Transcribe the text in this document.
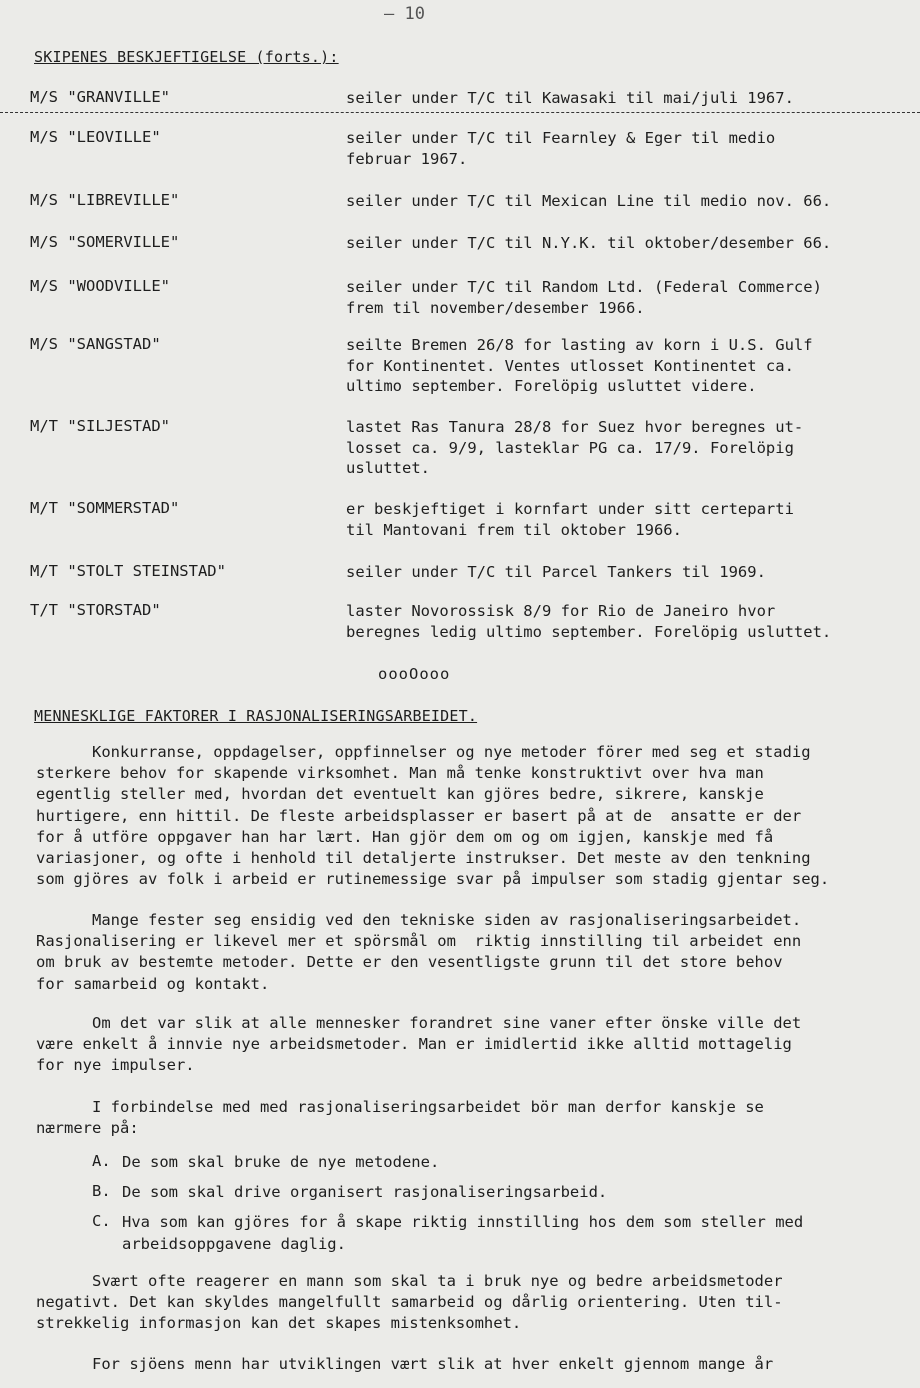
– 10
SKIPENES BESKJEFTIGELSE (forts.):
M/S "GRANVILLE"	seiler under T/C til Kawasaki til mai/juli 1967.
M/S "LEOVILLE"	seiler under T/C til Fearnley & Eger til medio
februar 1967.
M/S "LIBREVILLE"	seiler under T/C til Mexican Line til medio nov. 66.
M/S "SOMERVILLE"	seiler under T/C til N.Y.K. til oktober/desember 66.
M/S "WOODVILLE"	seiler under T/C til Random Ltd. (Federal Commerce)
frem til november/desember 1966.
M/S "SANGSTAD"	seilte Bremen 26/8 for lasting av korn i U.S. Gulf
for Kontinentet. Ventes utlosset Kontinentet ca.
ultimo september. Forelöpig usluttet videre.
M/T "SILJESTAD"	lastet Ras Tanura 28/8 for Suez hvor beregnes ut-
losset ca. 9/9, lasteklar PG ca. 17/9. Forelöpig
usluttet.
M/T "SOMMERSTAD"	er beskjeftiget i kornfart under sitt certeparti
til Mantovani frem til oktober 1966.
M/T "STOLT STEINSTAD"	seiler under T/C til Parcel Tankers til 1969.
T/T "STORSTAD"	laster Novorossisk 8/9 for Rio de Janeiro hvor
beregnes ledig ultimo september. Forelöpig usluttet.
oooOooo
MENNESKLIGE FAKTORER I RASJONALISERINGSARBEIDET.
Konkurranse, oppdagelser, oppfinnelser og nye metoder förer med seg et stadig
sterkere behov for skapende virksomhet. Man må tenke konstruktivt over hva man
egentlig steller med, hvordan det eventuelt kan gjöres bedre, sikrere, kanskje
hurtigere, enn hittil. De fleste arbeidsplasser er basert på at de  ansatte er der
for å utföre oppgaver han har lært. Han gjör dem om og om igjen, kanskje med få
variasjoner, og ofte i henhold til detaljerte instrukser. Det meste av den tenkning
som gjöres av folk i arbeid er rutinemessige svar på impulser som stadig gjentar seg.
Mange fester seg ensidig ved den tekniske siden av rasjonaliseringsarbeidet.
Rasjonalisering er likevel mer et spörsmål om  riktig innstilling til arbeidet enn
om bruk av bestemte metoder. Dette er den vesentligste grunn til det store behov
for samarbeid og kontakt.
Om det var slik at alle mennesker forandret sine vaner efter önske ville det
være enkelt å innvie nye arbeidsmetoder. Man er imidlertid ikke alltid mottagelig
for nye impulser.
I forbindelse med med rasjonaliseringsarbeidet bör man derfor kanskje se
nærmere på:
A. De som skal bruke de nye metodene.
B. De som skal drive organisert rasjonaliseringsarbeid.
C. Hva som kan gjöres for å skape riktig innstilling hos dem som steller med
arbeidsoppgavene daglig.
Svært ofte reagerer en mann som skal ta i bruk nye og bedre arbeidsmetoder
negativt. Det kan skyldes mangelfullt samarbeid og dårlig orientering. Uten til-
strekkelig informasjon kan det skapes mistenksomhet.
For sjöens menn har utviklingen vært slik at hver enkelt gjennom mange år
